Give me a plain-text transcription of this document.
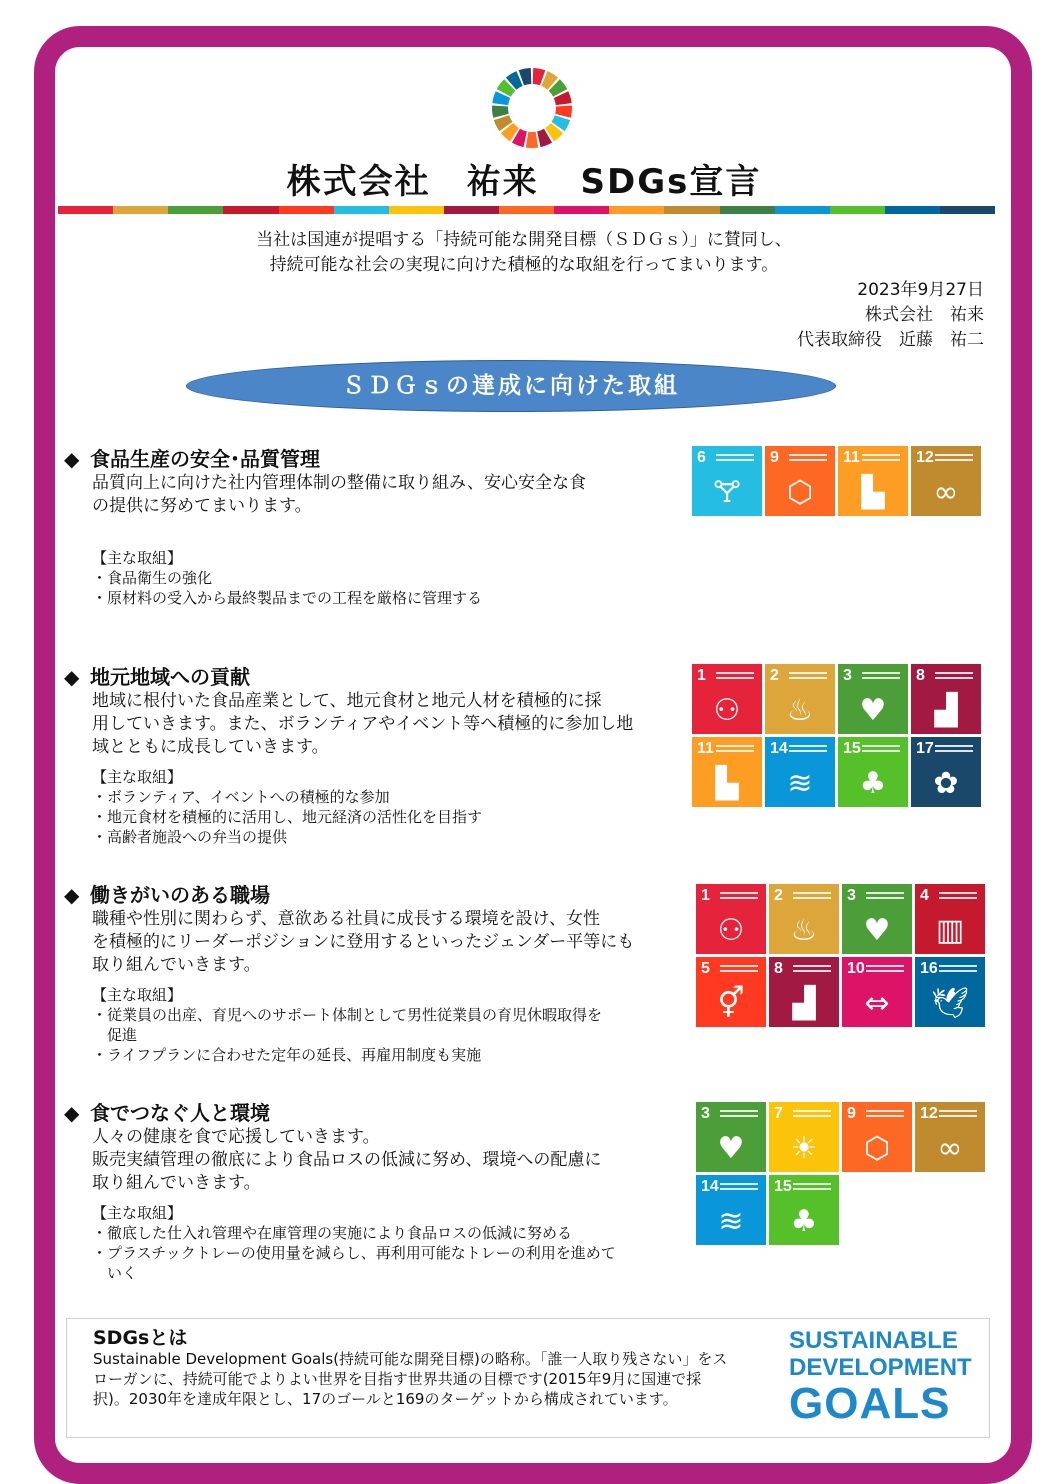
株式会社　祐来 SDGs宣言
当社は国連が提唱する「持続可能な開発目標（ＳＤＧｓ）」に賛同し、
持続可能な社会の実現に向けた積極的な取組を行ってまいります。
2023年9月27日
株式会社　祐来
代表取締役　近藤　祐二
ＳＤＧｓの達成に向けた取組
◆ 食品生産の安全･品質管理
品質向上に向けた社内管理体制の整備に取り組み、安心安全な食
の提供に努めてまいります。
【主な取組】
・食品衛生の強化
・原材料の受入から最終製品までの工程を厳格に管理する
◆ 地元地域への貢献
地域に根付いた食品産業として、地元食材と地元人材を積極的に採
用していきます。また、ボランティアやイベント等へ積極的に参加し地
域とともに成長していきます。
【主な取組】
・ボランティア、イベントへの積極的な参加
・地元食材を積極的に活用し、地元経済の活性化を目指す
・高齢者施設への弁当の提供
◆ 働きがいのある職場
職種や性別に関わらず、意欲ある社員に成長する環境を設け、女性
を積極的にリーダーポジションに登用するといったジェンダー平等にも
取り組んでいきます。
【主な取組】
・従業員の出産、育児へのサポート体制として男性従業員の育児休暇取得を
　促進
・ライフプランに合わせた定年の延長、再雇用制度も実施
◆ 食でつなぐ人と環境
人々の健康を食で応援していきます。
販売実績管理の徹底により食品ロスの低減に努め、環境への配慮に
取り組んでいきます。
【主な取組】
・徹底した仕入れ管理や在庫管理の実施により食品ロスの低減に努める
・プラスチックトレーの使用量を減らし、再利用可能なトレーの利用を進めて
　いく
6
🝖
9
⬡
11
▙
12
∞
1
⚇
2
♨
3
♥
8
▟
11
▙
14
≋
15
♣
17
✿
1
⚇
2
♨
3
♥
4
▥
5
⚥
8
▟
10
⇔
16
🕊
3
♥
7
☀
9
⬡
12
∞
14
≋
15
♣
SDGsとは
Sustainable Development Goals(持続可能な開発目標)の略称。「誰一人取り残さない」をスローガンに、持続可能でよりよい世界を目指す世界共通の目標です(2015年9月に国連で採択)。2030年を達成年限とし、17のゴールと169のターゲットから構成されています。
SUSTAINABLE
DEVELOPMENT
GOALS
